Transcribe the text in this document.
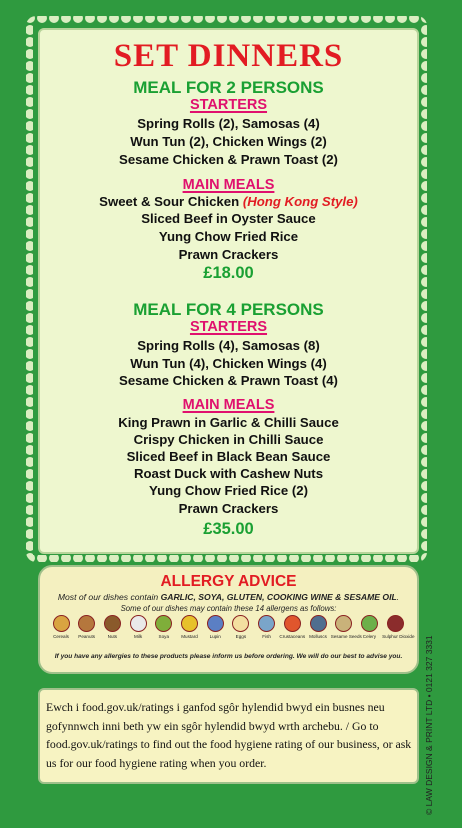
SET DINNERS
MEAL FOR 2 PERSONS
STARTERS
Spring Rolls (2), Samosas (4)
Wun Tun (2), Chicken Wings (2)
Sesame Chicken & Prawn Toast (2)
MAIN MEALS
Sweet & Sour Chicken (Hong Kong Style)
Sliced Beef in Oyster Sauce
Yung Chow Fried Rice
Prawn Crackers
£18.00
MEAL FOR 4 PERSONS
STARTERS
Spring Rolls (4), Samosas (8)
Wun Tun (4), Chicken Wings (4)
Sesame Chicken & Prawn Toast (4)
MAIN MEALS
King Prawn in Garlic & Chilli Sauce
Crispy Chicken in Chilli Sauce
Sliced Beef in Black Bean Sauce
Roast Duck with Cashew Nuts
Yung Chow Fried Rice (2)
Prawn Crackers
£35.00
ALLERGY ADVICE
Most of our dishes contain GARLIC, SOYA, GLUTEN, COOKING WINE & SESAME OIL.
Some of our dishes may contain these 14 allergens as follows:
Cereals	Peanuts	Nuts	Milk	Soya	Mustard	Lupin	Eggs	Fish	Crustaceans Molluscs Sesame Seeds Celery	Sulphur Dioxide
If you have any allergies to these products please inform us before ordering. We will do our best to advise you.
Ewch i food.gov.uk/ratings i ganfod sgôr hylendid bwyd ein busnes neu gofynnwch inni beth yw ein sgôr hylendid bwyd wrth archebu. / Go to food.gov.uk/ratings to find out the food hygiene rating of our business, or ask us for our food hygiene rating when you order.	© LAW DESIGN & PRINT LTD • 0121 327 3331
